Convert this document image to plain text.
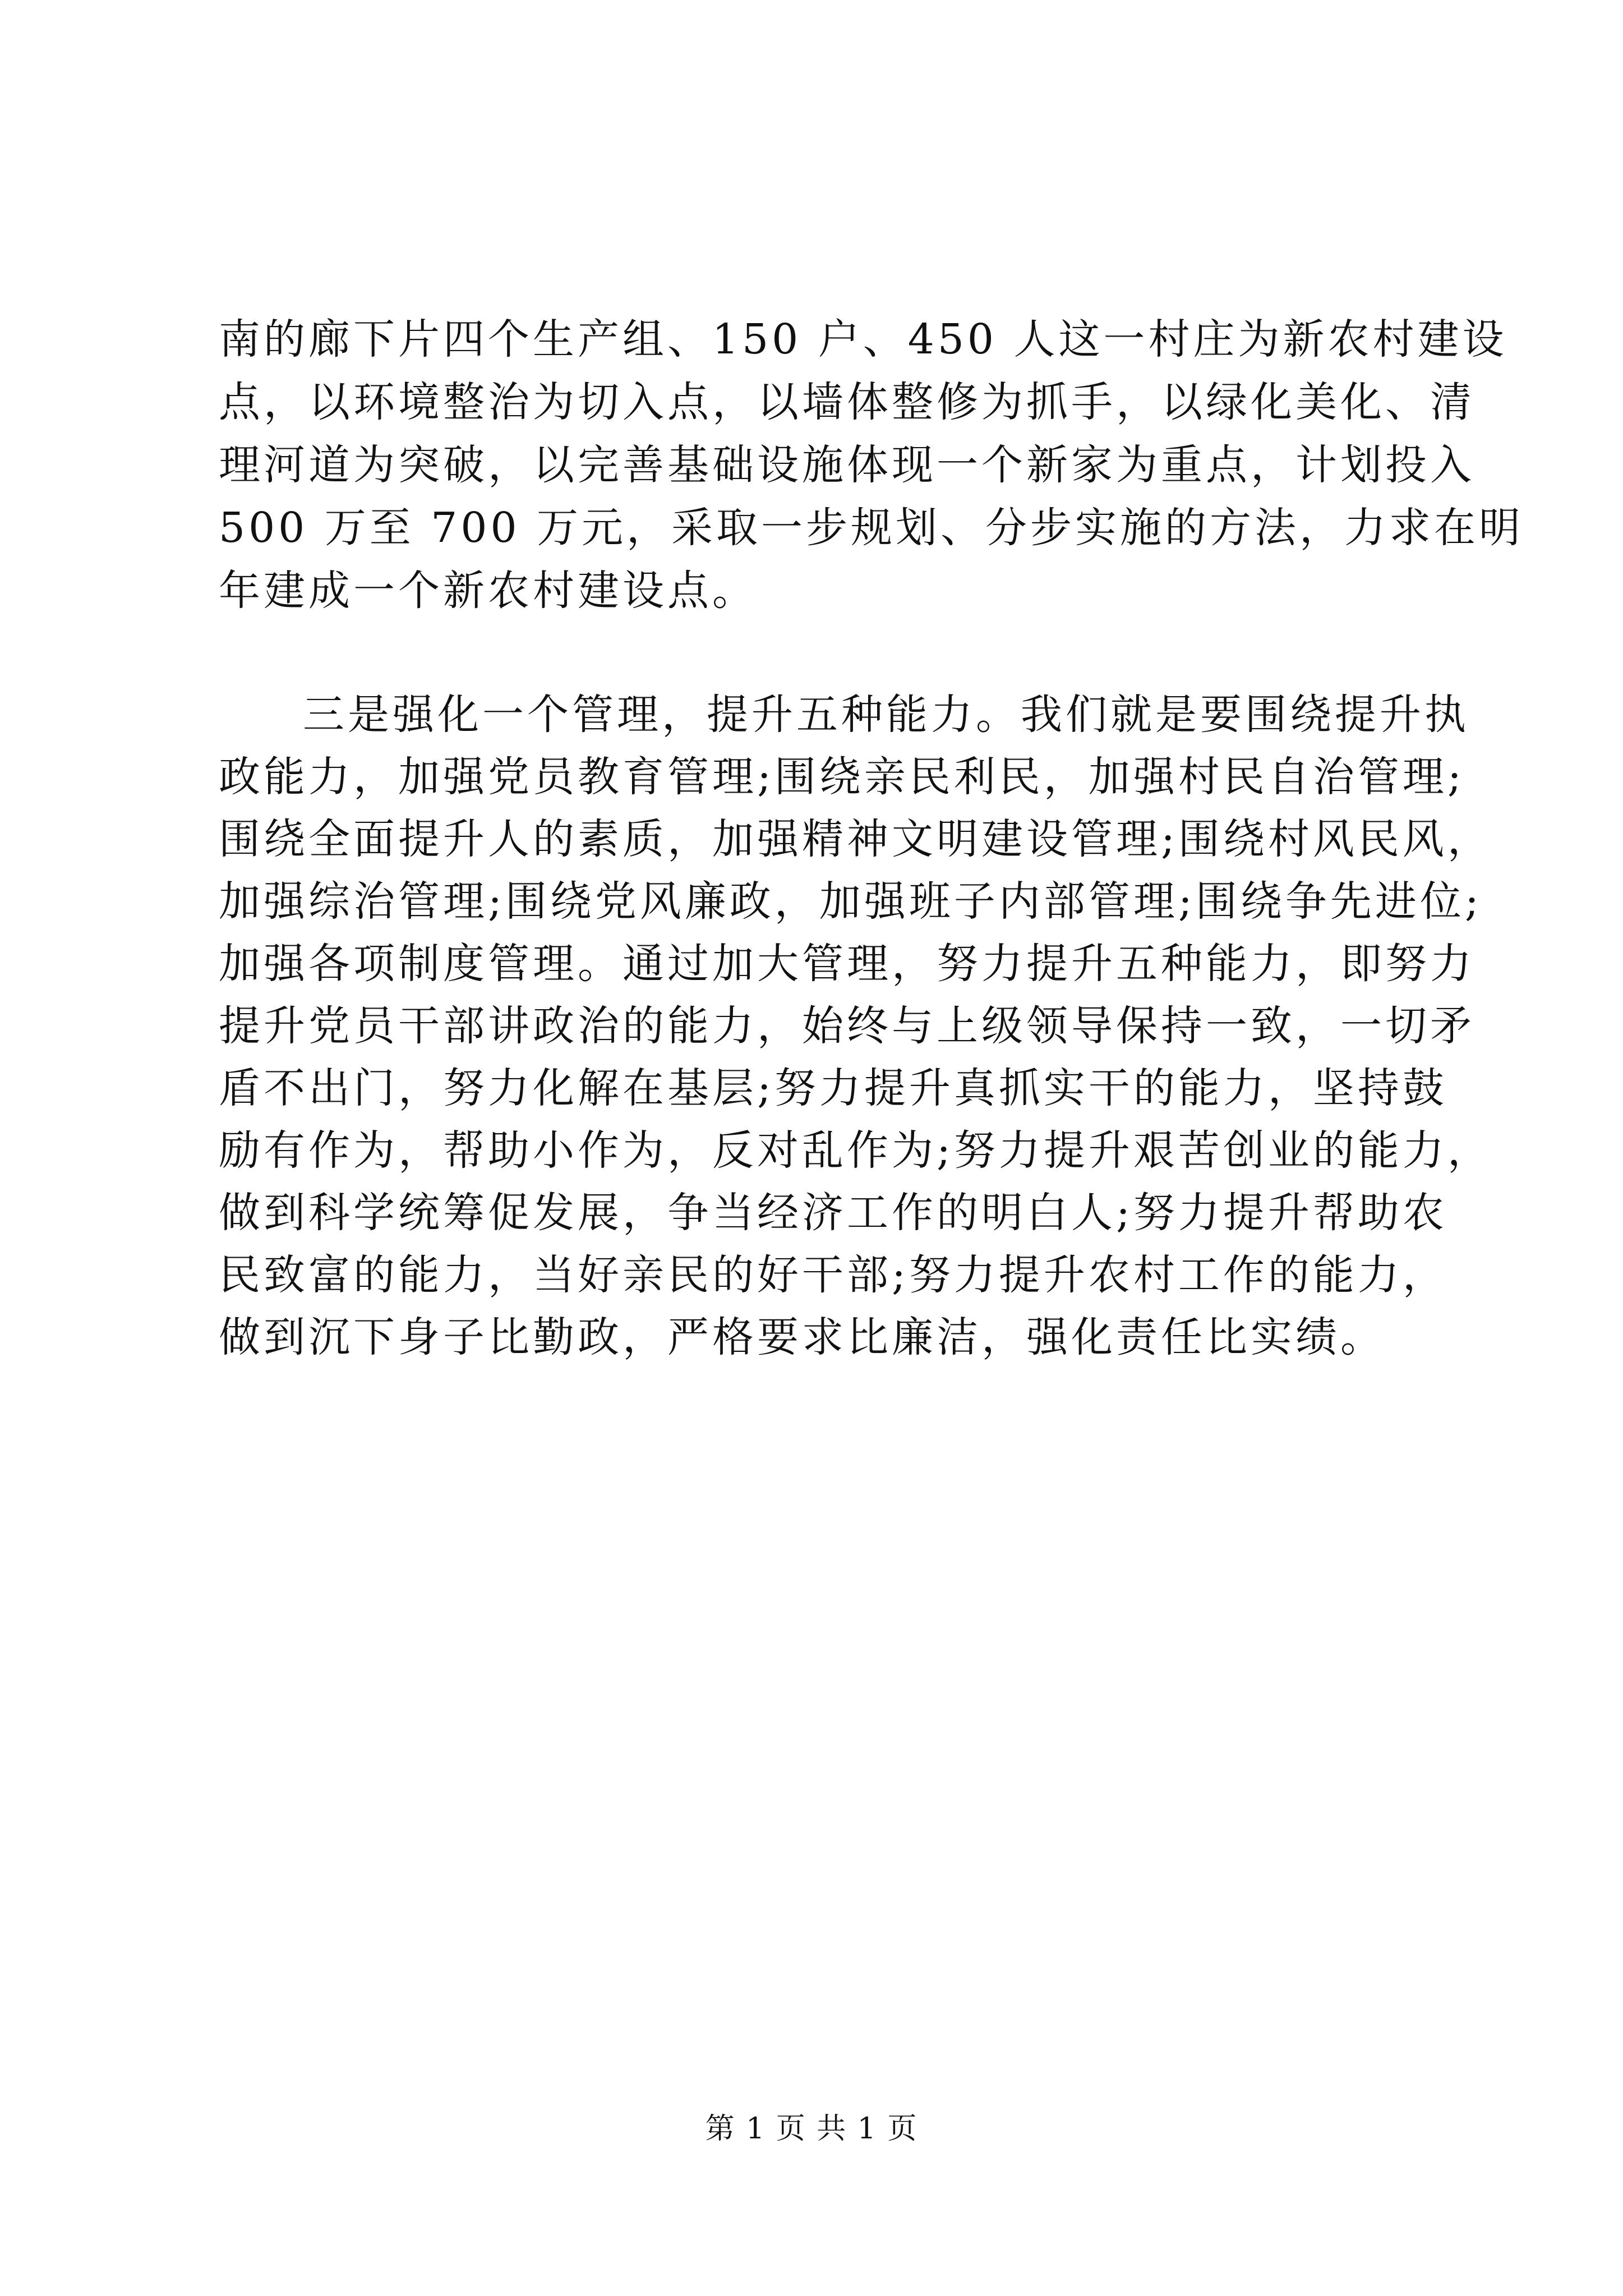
南的廊下片四个生产组、150 户、450 人这一村庄为新农村建设
点，以环境整治为切入点，以墙体整修为抓手，以绿化美化、清
理河道为突破，以完善基础设施体现一个新家为重点，计划投入
500 万至 700 万元，采取一步规划、分步实施的方法，力求在明
年建成一个新农村建设点。
三是强化一个管理，提升五种能力。我们就是要围绕提升执
政能力，加强党员教育管理;围绕亲民利民，加强村民自治管理;
围绕全面提升人的素质，加强精神文明建设管理;围绕村风民风，
加强综治管理;围绕党风廉政，加强班子内部管理;围绕争先进位;
加强各项制度管理。通过加大管理，努力提升五种能力，即努力
提升党员干部讲政治的能力，始终与上级领导保持一致，一切矛
盾不出门，努力化解在基层;努力提升真抓实干的能力，坚持鼓
励有作为，帮助小作为，反对乱作为;努力提升艰苦创业的能力，
做到科学统筹促发展，争当经济工作的明白人;努力提升帮助农
民致富的能力，当好亲民的好干部;努力提升农村工作的能力，
做到沉下身子比勤政，严格要求比廉洁，强化责任比实绩。
第 1 页 共 1 页
